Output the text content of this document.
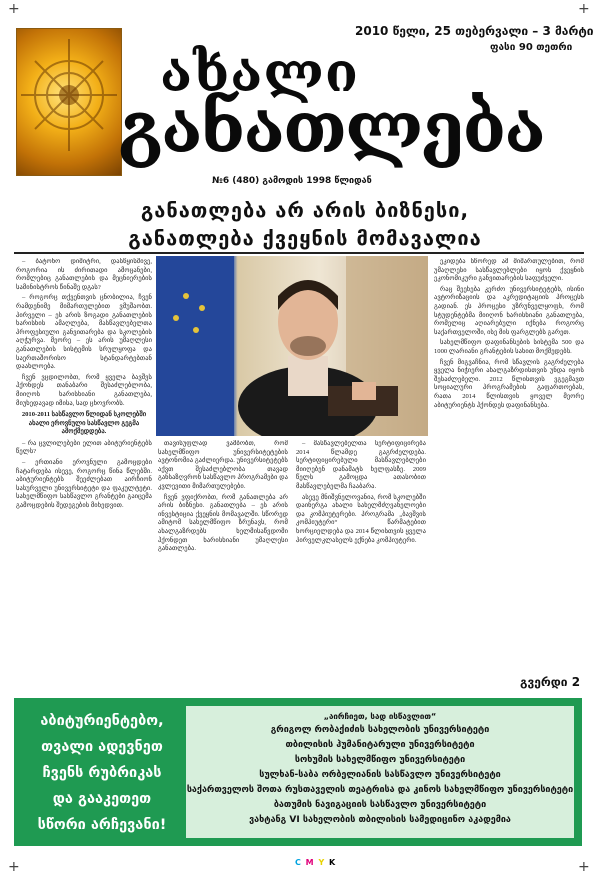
+	+
+	+
2010 წელი, 25 თებერვალი – 3 მარტი
ფასი 90 თეთრი
ახალი
განათლება
№6 (480) გამოდის 1998 წლიდან
განათლება არ არის ბიზნესი,
განათლება ქვეყნის მომავალია

– ბატონო დიმიტრი, დასწყისშივე, როგორია ის ძირითადი ამოცანები, რომლებიც განათლების და მეცნიერების სამინისტროს წინაშე დგას?

– როგორც თქვენთვის ცნობილია, ჩვენ რამდენიმე მიმართულებით ვმუშაობთ. პირველი – ეს არის ზოგადი განათლების ხარისხის ამაღლება, მასწავლებელთა პროფესიული განვითარება და სკოლების აღჭურვა. მეორე – ეს არის უმაღლესი განათლების სისტემის სრულყოფა და საერთაშორისო სტანდარტებთან დაახლოება.

ჩვენ ვცდილობთ, რომ ყველა ბავშვს ჰქონდეს თანაბარი შესაძლებლობა, მიიღოს ხარისხიანი განათლება, მიუხედავად იმისა, სად ცხოვრობს.

2010-2011 სასწავლო წლიდან სკოლებში ახალი ეროვნული სასწავლო გეგმა ამოქმედდება.

– რა ცვლილებები ელით აბიტურიენტებს წელს?

– ერთიანი ეროვნული გამოცდები ჩატარდება ისევე, როგორც წინა წლებში. აბიტურიენტებს შეეძლებათ აირჩიონ სასურველი უნივერსიტეტი და ფაკულტეტი. სახელმწიფო სასწავლო გრანტები გაიცემა გამოცდების შედეგების მიხედვით.

თავისუფლად ვამბობთ, რომ სახელმწიფო უნივერსიტეტების ავტონომია გაძლიერდა. უნივერსიტეტებს აქვთ შესაძლებლობა თავად განსაზღვრონ სასწავლო პროგრამები და კვლევითი მიმართულებები.

ჩვენ ვფიქრობთ, რომ განათლება არ არის ბიზნესი. განათლება – ეს არის ინვესტიცია ქვეყნის მომავალში. სწორედ ამიტომ სახელმწიფო ზრუნავს, რომ ახალგაზრდებს ხელმისაწვდომი ჰქონდეთ ხარისხიანი უმაღლესი განათლება.

– მასწავლებელთა სერტიფიცირება 2014 წლამდე გაგრძელდება. სერტიფიცირებული მასწავლებლები მიიღებენ დანამატს ხელფასზე. 2009 წელს გამოცდა ათასობით მასწავლებელმა ჩააბარა.

ასევე მნიშვნელოვანია, რომ სკოლებში დაინერგა ახალი სახელმძღვანელოები და კომპიუტერები. პროგრამა „ბავშვის კომპიუტერი“ წარმატებით ხორციელდება და 2014 წლისთვის ყველა პირველკლასელს ექნება კომპიუტერი.

ეკიდება სწორედ ამ მიმართულებით, რომ უმაღლესი სასწავლებლები იყოს ქვეყნის ეკონომიკური განვითარების საფუძველი.

რაც შეეხება კერძო უნივერსიტეტებს, ისინი ავტორიზაციის და აკრედიტაციის პროცესს გადიან. ეს პროცესი უზრუნველყოფს, რომ სტუდენტებმა მიიღონ ხარისხიანი განათლება, რომელიც აღიარებული იქნება როგორც საქართველოში, ისე მის ფარგლებს გარეთ.

სახელმწიფო დაფინანსების სისტემა 500 და 1000 ლარიანი გრანტების სახით მოქმედებს.

ჩვენ მიგვაჩნია, რომ სწავლის გაგრძელება ყველა ნიჭიერი ახალგაზრდისთვის უნდა იყოს შესაძლებელი. 2012 წლისთვის ვგეგმავთ სოციალური პროგრამების გაფართოებას, რათა 2014 წლისთვის ყოველ მეორე აბიტურიენტს ჰქონდეს დაფინანსება.

გვერდი 2
აბიტურიენტებო,
თვალი ადევნეთ
ჩვენს რუბრიკას
და გააკეთეთ
სწორი არჩევანი!
„აირჩიეთ, სად ისწავლით“
გრიგოლ რობაქიძის სახელობის უნივერსიტეტი
თბილისის ჰუმანიტარული უნივერსიტეტი
სოხუმის სახელმწიფო უნივერსიტეტი
სულხან-საბა ორბელიანის სასწავლო უნივერსიტეტი
საქართველოს შოთა რუსთაველის თეატრისა და კინოს სახელმწიფო უნივერსიტეტი
ბათუმის ნავიგაციის სასწავლო უნივერსიტეტი
ვახტანგ VI სახელობის თბილისის სამედიცინო აკადემია
C M Y K
